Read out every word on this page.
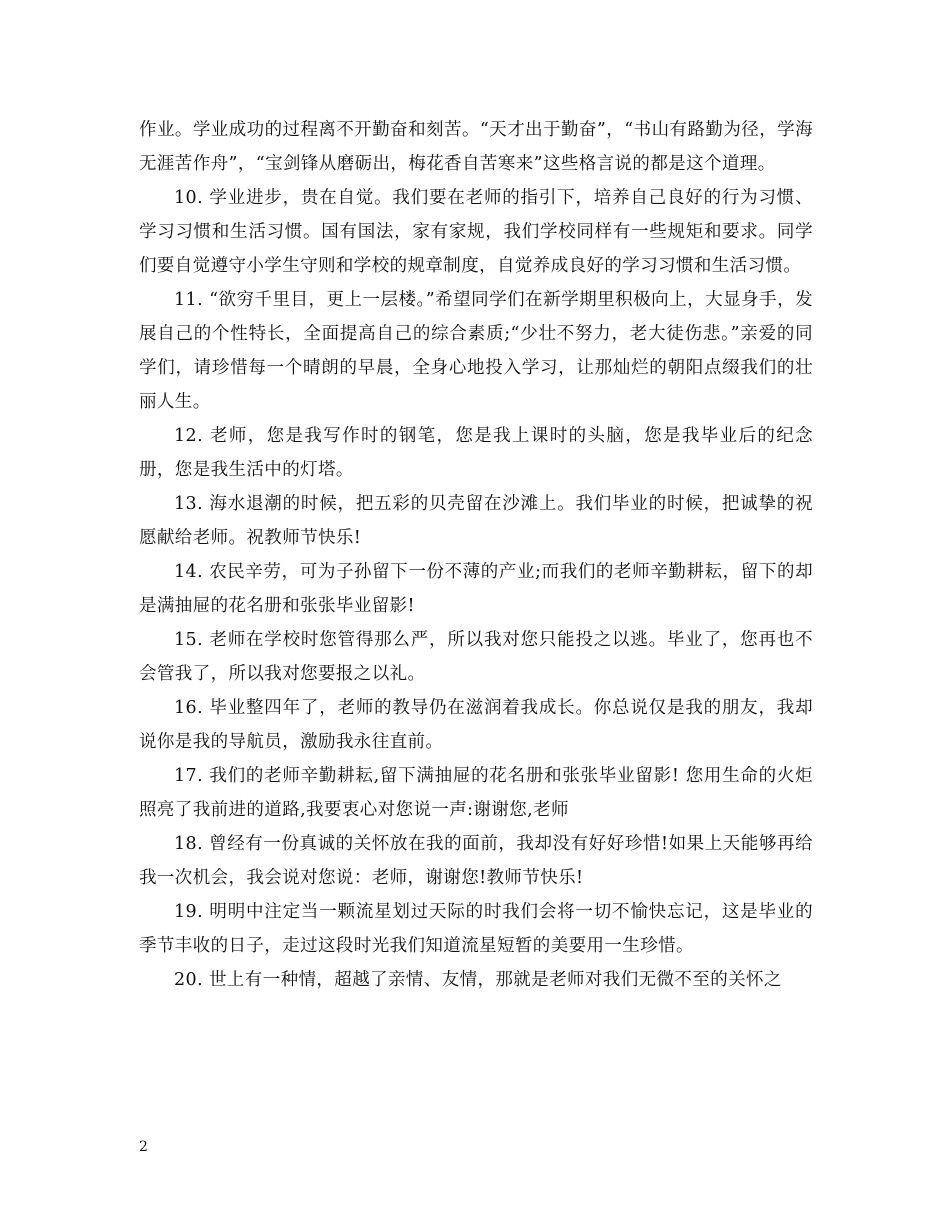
作业。学业成功的过程离不开勤奋和刻苦。“天才出于勤奋”，“书山有路勤为径，学海无涯苦作舟”，“宝剑锋从磨砺出，梅花香自苦寒来”这些格言说的都是这个道理。

10. 学业进步，贵在自觉。我们要在老师的指引下，培养自己良好的行为习惯、学习习惯和生活习惯。国有国法，家有家规，我们学校同样有一些规矩和要求。同学们要自觉遵守小学生守则和学校的规章制度，自觉养成良好的学习习惯和生活习惯。

11. “欲穷千里目，更上一层楼。”希望同学们在新学期里积极向上，大显身手，发展自己的个性特长，全面提高自己的综合素质;“少壮不努力，老大徒伤悲。”亲爱的同学们，请珍惜每一个晴朗的早晨，全身心地投入学习，让那灿烂的朝阳点缀我们的壮丽人生。

12. 老师，您是我写作时的钢笔，您是我上课时的头脑，您是我毕业后的纪念册，您是我生活中的灯塔。

13. 海水退潮的时候，把五彩的贝壳留在沙滩上。我们毕业的时候，把诚挚的祝愿献给老师。祝教师节快乐!

14. 农民辛劳，可为子孙留下一份不薄的产业;而我们的老师辛勤耕耘，留下的却是满抽屉的花名册和张张毕业留影!

15. 老师在学校时您管得那么严，所以我对您只能投之以逃。毕业了，您再也不会管我了，所以我对您要报之以礼。

16. 毕业整四年了，老师的教导仍在滋润着我成长。你总说仅是我的朋友，我却说你是我的导航员，激励我永往直前。

17. 我们的老师辛勤耕耘,留下满抽屉的花名册和张张毕业留影! 您用生命的火炬照亮了我前进的道路,我要衷心对您说一声:谢谢您,老师

18. 曾经有一份真诚的关怀放在我的面前，我却没有好好珍惜!如果上天能够再给我一次机会，我会说对您说：老师，谢谢您!教师节快乐!

19. 明明中注定当一颗流星划过天际的时我们会将一切不愉快忘记，这是毕业的季节丰收的日子，走过这段时光我们知道流星短暂的美要用一生珍惜。

20. 世上有一种情，超越了亲情、友情，那就是老师对我们无微不至的关怀之

2
